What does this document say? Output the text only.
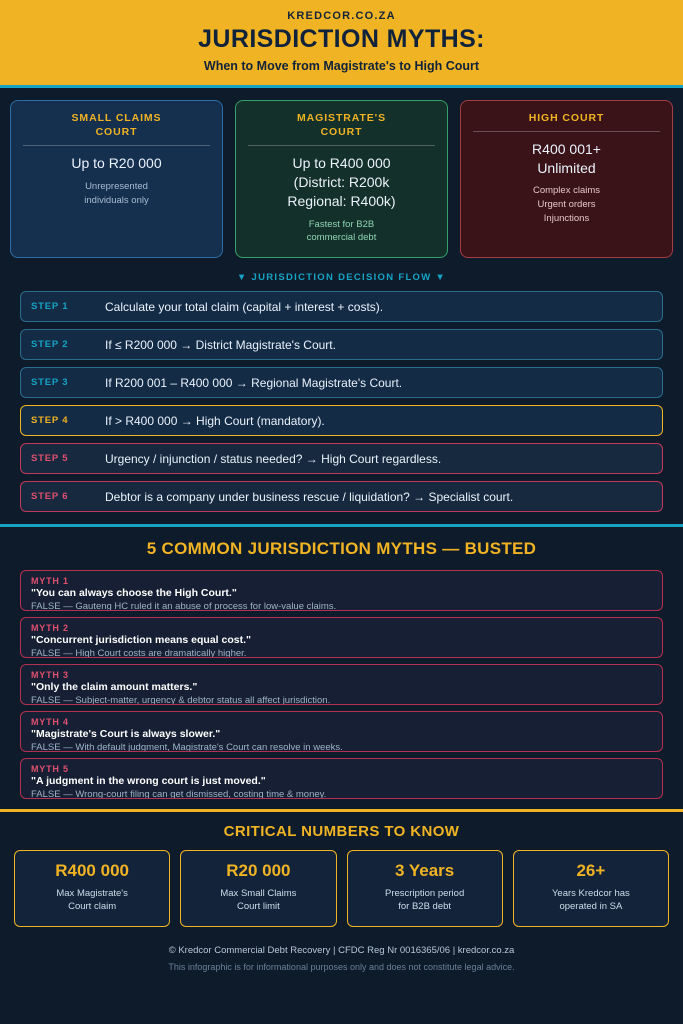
KREDCOR.CO.ZA
JURISDICTION MYTHS:
When to Move from Magistrate's to High Court
SMALL CLAIMS
COURT
Up to R20 000
Unrepresented
individuals only
MAGISTRATE'S
COURT
Up to R400 000
(District: R200k
Regional: R400k)
Fastest for B2B
commercial debt
HIGH COURT
R400 001+
Unlimited
Complex claims
Urgent orders
Injunctions
▼ JURISDICTION DECISION FLOW ▼
STEP 1	Calculate your total claim (capital + interest + costs).
STEP 2	If ≤ R200 000 → District Magistrate's Court.
STEP 3	If R200 001 – R400 000 → Regional Magistrate's Court.
STEP 4	If > R400 000 → High Court (mandatory).
STEP 5	Urgency / injunction / status needed? → High Court regardless.
STEP 6	Debtor is a company under business rescue / liquidation? → Specialist court.
5 COMMON JURISDICTION MYTHS — BUSTED
MYTH 1
"You can always choose the High Court."
FALSE — Gauteng HC ruled it an abuse of process for low-value claims.
MYTH 2
"Concurrent jurisdiction means equal cost."
FALSE — High Court costs are dramatically higher.
MYTH 3
"Only the claim amount matters."
FALSE — Subject-matter, urgency & debtor status all affect jurisdiction.
MYTH 4
"Magistrate's Court is always slower."
FALSE — With default judgment, Magistrate's Court can resolve in weeks.
MYTH 5
"A judgment in the wrong court is just moved."
FALSE — Wrong-court filing can get dismissed, costing time & money.
CRITICAL NUMBERS TO KNOW
R400 000
Max Magistrate's
Court claim
R20 000
Max Small Claims
Court limit
3 Years
Prescription period
for B2B debt
26+
Years Kredcor has
operated in SA
© Kredcor Commercial Debt Recovery | CFDC Reg Nr 0016365/06 | kredcor.co.za
This infographic is for informational purposes only and does not constitute legal advice.
